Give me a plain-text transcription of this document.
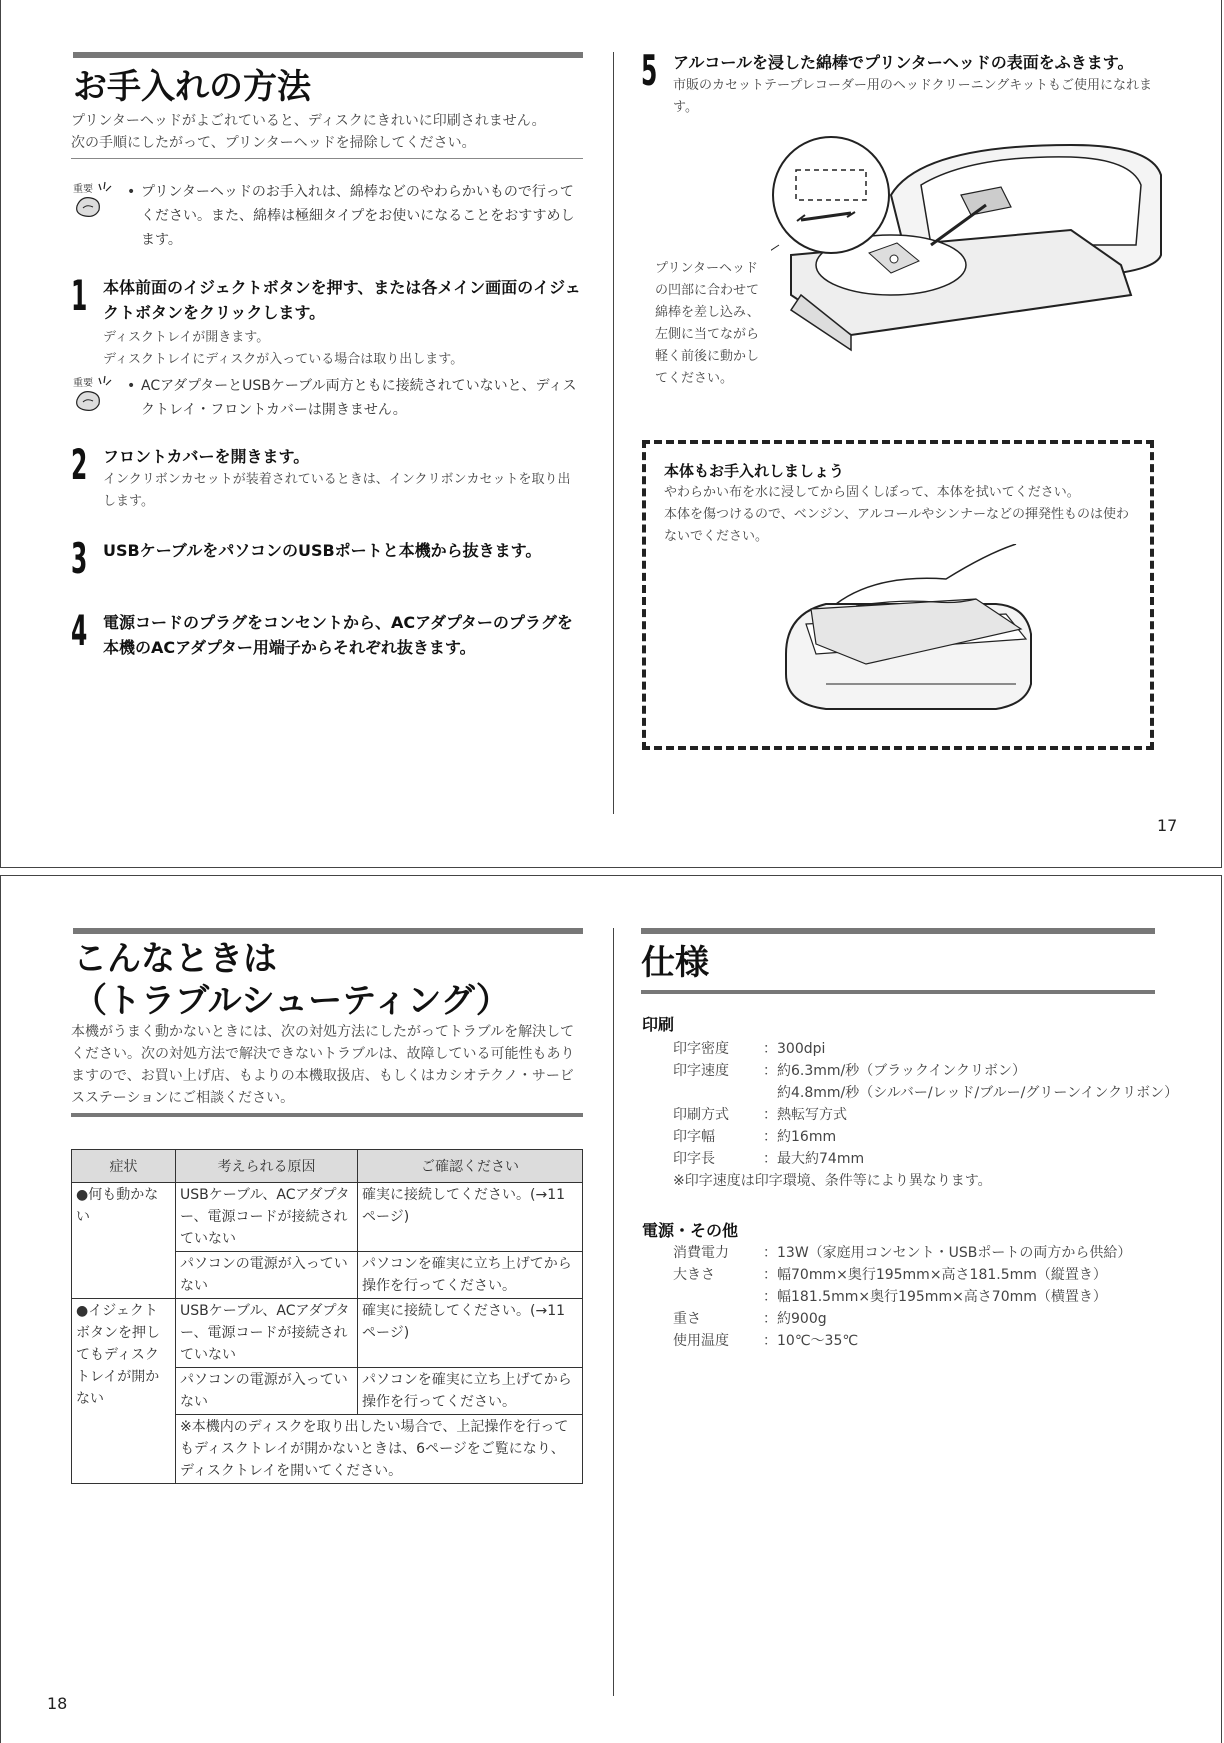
お手入れの方法
プリンターヘッドがよごれていると、ディスクにきれいに印刷されません。
次の手順にしたがって、プリンターヘッドを掃除してください。
重要	• プリンターヘッドのお手入れは、綿棒などのやわらかいもので行ってください。また、綿棒は極細タイプをお使いになることをおすすめします。
1 本体前面のイジェクトボタンを押す、または各メイン画面のイジェクトボタンをクリックします。
ディスクトレイが開きます。
ディスクトレイにディスクが入っている場合は取り出します。
重要	• ACアダプターとUSBケーブル両方ともに接続されていないと、ディスクトレイ・フロントカバーは開きません。
2 フロントカバーを開きます。
インクリボンカセットが装着されているときは、インクリボンカセットを取り出します。
3 USBケーブルをパソコンのUSBポートと本機から抜きます。
4 電源コードのプラグをコンセントから、ACアダプターのプラグを本機のACアダプター用端子からそれぞれ抜きます。
5 アルコールを浸した綿棒でプリンターヘッドの表面をふきます。
市販のカセットテープレコーダー用のヘッドクリーニングキットもご使用になれます。
プリンターヘッド
の凹部に合わせて
綿棒を差し込み、
左側に当てながら
軽く前後に動かし
てください。
本体もお手入れしましょう

やわらかい布を水に浸してから固くしぼって、本体を拭いてください。

本体を傷つけるので、ベンジン、アルコールやシンナーなどの揮発性ものは使わないでください。

17
こんなときは
（トラブルシューティング）
本機がうまく動かないときには、次の対処方法にしたがってトラブルを解決してください。次の対処方法で解決できないトラブルは、故障している可能性もありますので、お買い上げ店、もよりの本機取扱店、もしくはカシオテクノ・サービスステーションにご相談ください。
症状	考えられる原因	ご確認ください
●何も動かない	USBケーブル、ACアダプター、電源コードが接続されていない	確実に接続してください。(→11ページ)
	パソコンの電源が入っていない	パソコンを確実に立ち上げてから操作を行ってください。
●イジェクトボタンを押してもディスクトレイが開かない	USBケーブル、ACアダプター、電源コードが接続されていない	確実に接続してください。(→11ページ)
	パソコンの電源が入っていない	パソコンを確実に立ち上げてから操作を行ってください。
	※本機内のディスクを取り出したい場合で、上記操作を行ってもディスクトレイが開かないときは、6ページをご覧になり、ディスクトレイを開いてください。	
仕様
印刷
印字密度 ：300dpi
印字速度 ：約6.3mm/秒（ブラックインクリボン）
　約4.8mm/秒（シルバー/レッド/ブルー/グリーンインクリボン）
印刷方式 ：熱転写方式
印字幅	：約16mm
印字長	：最大約74mm
※印字速度は印字環境、条件等により異なります。
電源・その他
消費電力 ：13W（家庭用コンセント・USBポートの両方から供給）
大きさ	：幅70mm×奥行195mm×高さ181.5mm（縦置き）
：幅181.5mm×奥行195mm×高さ70mm（横置き）
重さ	：約900g
使用温度 ：10℃〜35℃
18
